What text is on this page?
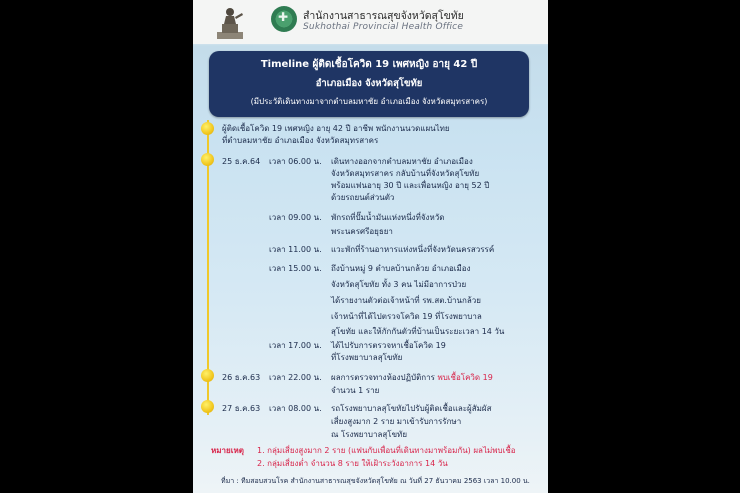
✚
สำนักงานสาธารณสุขจังหวัดสุโขทัย
Sukhothai Provincial Health Office
Timeline ผู้ติดเชื้อโควิด 19 เพศหญิง อายุ 42 ปี
อำเภอเมือง จังหวัดสุโขทัย
(มีประวัติเดินทางมาจากตำบลมหาชัย อำเภอเมือง จังหวัดสมุทรสาคร)
ผู้ติดเชื้อโควิด 19 เพศหญิง อายุ 42 ปี อาชีพ พนักงานนวดแผนไทย
ที่ตำบลมหาชัย อำเภอเมือง จังหวัดสมุทรสาคร
25 ธ.ค.64 เวลา 06.00 น. เดินทางออกจากตำบลมหาชัย อำเภอเมือง
จังหวัดสมุทรสาคร กลับบ้านที่จังหวัดสุโขทัย
พร้อมแฟนอายุ 30 ปี และเพื่อนหญิง อายุ 52 ปี
ด้วยรถยนต์ส่วนตัว
เวลา 09.00 น. พักรถที่ปั๊มน้ำมันแห่งหนึ่งที่จังหวัด
พระนครศรีอยุธยา
เวลา 11.00 น. แวะพักที่ร้านอาหารแห่งหนึ่งที่จังหวัดนครสวรรค์
เวลา 15.00 น. ถึงบ้านหมู่ 9 ตำบลบ้านกล้วย อำเภอเมือง
จังหวัดสุโขทัย ทั้ง 3 คน ไม่มีอาการป่วย
ได้รายงานตัวต่อเจ้าหน้าที่ รพ.สต.บ้านกล้วย
เจ้าหน้าที่ได้ไปตรวจโควิด 19 ที่โรงพยาบาล
สุโขทัย และให้กักกันตัวที่บ้านเป็นระยะเวลา 14 วัน
เวลา 17.00 น. ได้ไปรับการตรวจหาเชื้อโควิด 19
ที่โรงพยาบาลสุโขทัย
26 ธ.ค.63 เวลา 22.00 น. ผลการตรวจทางห้องปฏิบัติการ พบเชื้อโควิด 19
จำนวน 1 ราย
27 ธ.ค.63 เวลา 08.00 น. รถโรงพยาบาลสุโขทัยไปรับผู้ติดเชื้อและผู้สัมผัส
เสี่ยงสูงมาก 2 ราย มาเข้ารับการรักษา
ณ โรงพยาบาลสุโขทัย
หมายเหตุ 1. กลุ่มเสี่ยงสูงมาก 2 ราย (แฟนกับเพื่อนที่เดินทางมาพร้อมกัน) ผลไม่พบเชื้อ
2. กลุ่มเสี่ยงต่ำ จำนวน 8 ราย ให้เฝ้าระวังอาการ 14 วัน
ที่มา : ทีมสอบสวนโรค สำนักงานสาธารณสุขจังหวัดสุโขทัย ณ วันที่ 27 ธันวาคม 2563 เวลา 10.00 น.
